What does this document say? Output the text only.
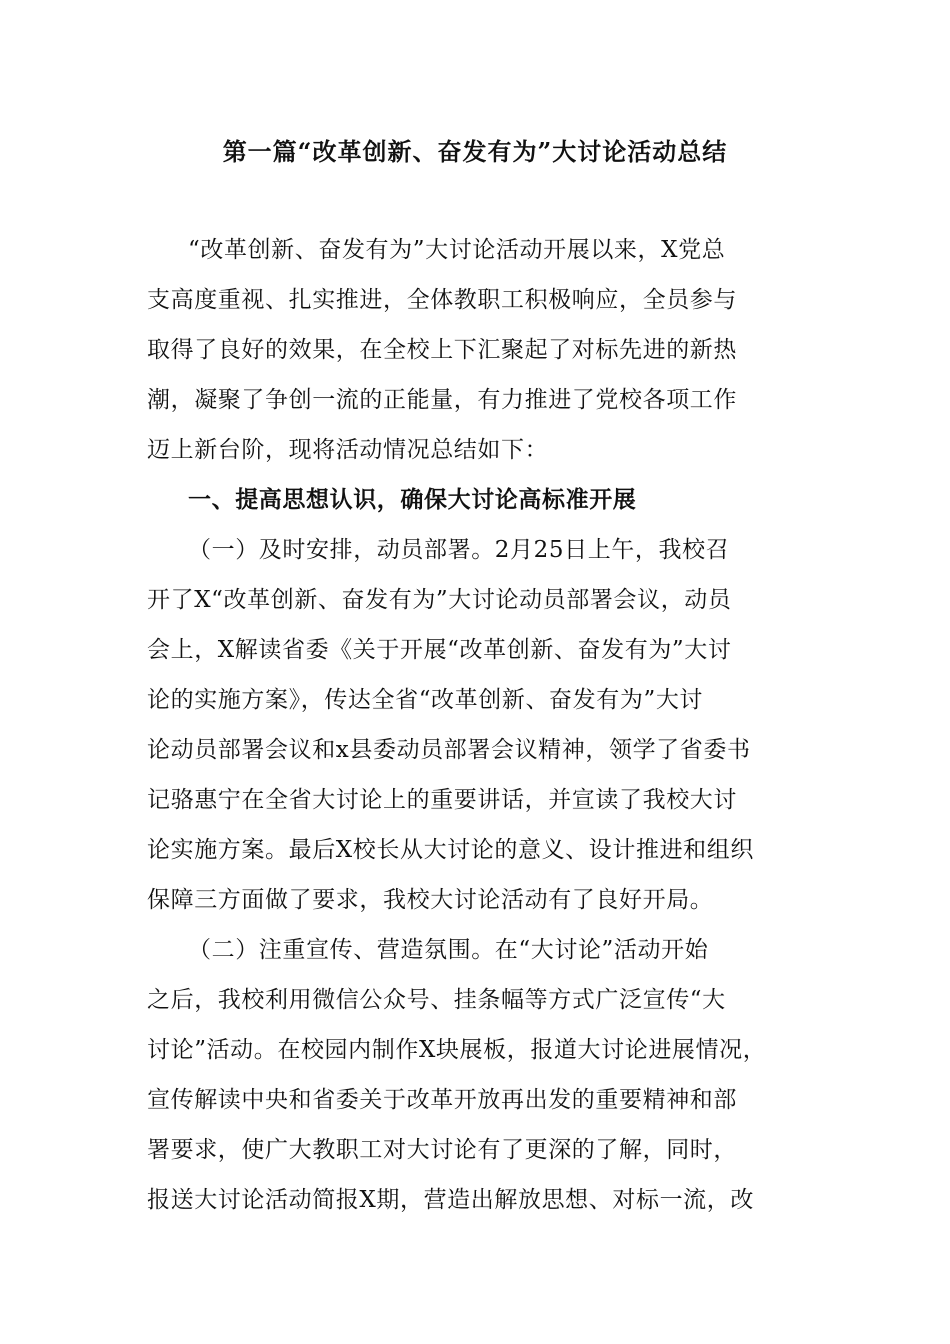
第一篇“改革创新、奋发有为”大讨论活动总结
“改革创新、奋发有为”大讨论活动开展以来，X党总
支高度重视、扎实推进，全体教职工积极响应，全员参与
取得了良好的效果，在全校上下汇聚起了对标先进的新热
潮，凝聚了争创一流的正能量，有力推进了党校各项工作
迈上新台阶，现将活动情况总结如下：
一、提高思想认识，确保大讨论高标准开展
（一）及时安排，动员部署。2月25日上午，我校召
开了X“改革创新、奋发有为”大讨论动员部署会议，动员
会上，X解读省委《关于开展“改革创新、奋发有为”大讨
论的实施方案》，传达全省“改革创新、奋发有为”大讨
论动员部署会议和x县委动员部署会议精神，领学了省委书
记骆惠宁在全省大讨论上的重要讲话，并宣读了我校大讨
论实施方案。最后X校长从大讨论的意义、设计推进和组织
保障三方面做了要求，我校大讨论活动有了良好开局。
（二）注重宣传、营造氛围。在“大讨论”活动开始
之后，我校利用微信公众号、挂条幅等方式广泛宣传“大
讨论”活动。在校园内制作X块展板，报道大讨论进展情况，
宣传解读中央和省委关于改革开放再出发的重要精神和部
署要求，使广大教职工对大讨论有了更深的了解，同时，
报送大讨论活动简报X期，营造出解放思想、对标一流，改
